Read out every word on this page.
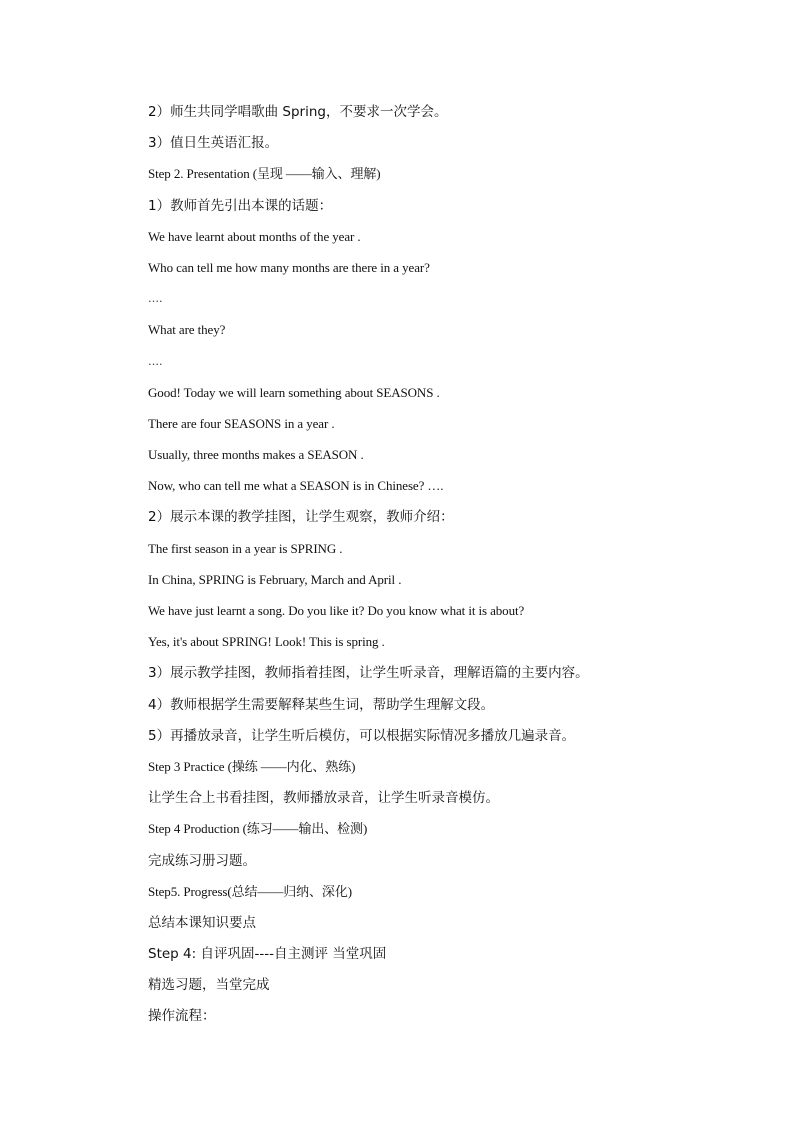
2）师生共同学唱歌曲 Spring，不要求一次学会。
3）值日生英语汇报。
Step 2. Presentation (呈现 ——输入、理解)
1）教师首先引出本课的话题：
We have learnt about months of the year .
Who can tell me how many months are there in a year?
….
What are they?
….
Good! Today we will learn something about SEASONS .
There are four SEASONS in a year .
Usually, three months makes a SEASON .
Now, who can tell me what a SEASON is in Chinese? ….
2）展示本课的教学挂图，让学生观察，教师介绍：
The first season in a year is SPRING .
In China, SPRING is February, March and April .
We have just learnt a song. Do you like it? Do you know what it is about?
Yes, it's about SPRING! Look! This is spring .
3）展示教学挂图，教师指着挂图，让学生听录音，理解语篇的主要内容。
4）教师根据学生需要解释某些生词，帮助学生理解文段。
5）再播放录音，让学生听后模仿，可以根据实际情况多播放几遍录音。
Step 3 Practice (操练 ——内化、熟练)
让学生合上书看挂图，教师播放录音，让学生听录音模仿。
Step 4 Production (练习——输出、检测)
完成练习册习题。
Step5. Progress(总结——归纳、深化)
总结本课知识要点
Step 4: 自评巩固----自主测评 当堂巩固
精选习题，当堂完成
操作流程：
